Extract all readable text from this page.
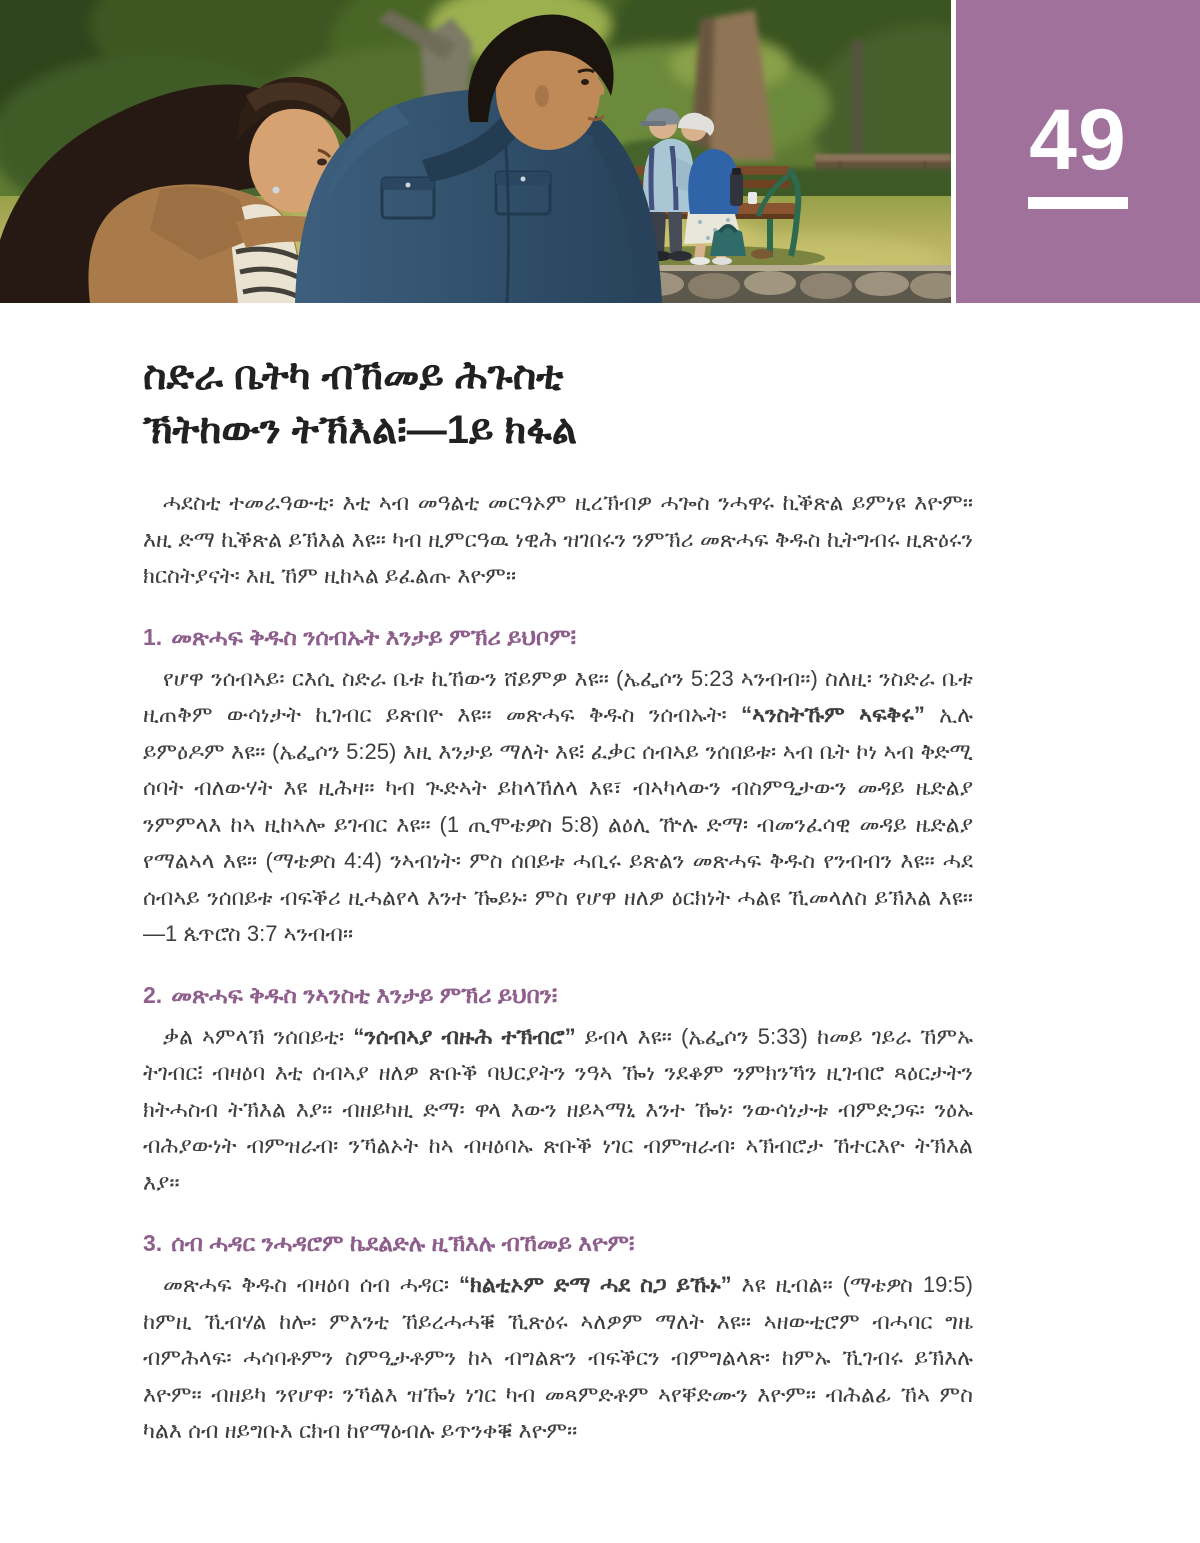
49
ስድራ ቤትካ ብኸመይ ሕጉስቲ
ኽትከውን ትኽእል፧—1ይ ክፋል

ሓደስቲ ተመራዓውቲ፡ እቲ ኣብ መዓልቲ መርዓኦም ዚረኽብዎ ሓጐስ ንሓዋሩ ኪቕጽል ይምነዩ እዮም። እዚ ድማ ኪቕጽል ይኽእል እዩ። ካብ ዚምርዓዉ ነዊሕ ዝገበሩን ንምኽሪ መጽሓፍ ቅዱስ ኪትግብሩ ዚጽዕሩን ክርስትያናት፡ እዚ ኸም ዚከኣል ይፈልጡ እዮም።

1. መጽሓፍ ቅዱስ ንሰብኡት እንታይ ምኽሪ ይህቦም፧

የሆዋ ንሰብኣይ፡ ርእሲ ስድራ ቤቱ ኪኸውን ሸይምዎ እዩ። (ኤፌሶን 5:23 ኣንብብ።) ስለዚ፡ ንስድራ ቤቱ ዚጠቅም ውሳነታት ኪገብር ይጽበዮ እዩ። መጽሓፍ ቅዱስ ንሰብኡት፡ “ኣንስትኹም ኣፍቅሩ” ኢሉ ይምዕዶም እዩ። (ኤፌሶን 5:25) እዚ እንታይ ማለት እዩ፧ ፈቃር ሰብኣይ ንሰበይቱ፡ ኣብ ቤት ኮነ ኣብ ቅድሚ ሰባት ብለውሃት እዩ ዚሕዛ። ካብ ጒድኣት ይከላኸለላ እዩ፣ ብኣካላውን ብስምዒታውን መዳይ ዜድልያ ንምምላእ ከኣ ዚከኣሎ ይገብር እዩ። (1 ጢሞቴዎስ 5:8) ልዕሊ ዅሉ ድማ፡ ብመንፈሳዊ መዳይ ዜድልያ የማልኣላ እዩ። (ማቴዎስ 4:4) ንኣብነት፡ ምስ ሰበይቱ ሓቢሩ ይጽልን መጽሓፍ ቅዱስ የንብብን እዩ። ሓደ ሰብኣይ ንሰበይቱ ብፍቕሪ ዚሓልየላ እንተ ዀይኑ፡ ምስ የሆዋ ዘለዎ ዕርክነት ሓልዩ ኺመላለስ ይኽእል እዩ።—1 ጴጥሮስ 3:7 ኣንብብ።

2. መጽሓፍ ቅዱስ ንኣንስቲ እንታይ ምኽሪ ይህበን፧

ቃል ኣምላኽ ንሰበይቲ፡ “ንሰብኣያ ብዙሕ ተኽብሮ” ይብላ እዩ። (ኤፌሶን 5:33) ከመይ ገይራ ኸምኡ ትገብር፧ ብዛዕባ እቲ ሰብኣያ ዘለዎ ጽቡቕ ባህርያትን ንዓኣ ዀነ ንደቆም ንምክንኻን ዚገብሮ ጻዕርታትን ክትሓስብ ትኽእል እያ። ብዘይካዚ ድማ፡ ዋላ እውን ዘይኣማኒ እንተ ዀነ፡ ንውሳነታቱ ብምድጋፍ፡ ንዕኡ ብሕያውነት ብምዝራብ፡ ንኻልኦት ከኣ ብዛዕባኡ ጽቡቕ ነገር ብምዝራብ፡ ኣኽብሮታ ኸተርእዮ ትኽእል እያ።

3. ሰብ ሓዳር ንሓዳሮም ኬደልድሉ ዚኽእሉ ብኸመይ እዮም፧

መጽሓፍ ቅዱስ ብዛዕባ ሰብ ሓዳር፡ “ክልቲኦም ድማ ሓደ ስጋ ይኹኑ” እዩ ዚብል። (ማቴዎስ 19:5) ከምዚ ኺብሃል ከሎ፡ ምእንቲ ኸይረሓሓቑ ኺጽዕሩ ኣለዎም ማለት እዩ። ኣዘውቲሮም ብሓባር ግዜ ብምሕላፍ፡ ሓሳባቶምን ስምዒታቶምን ከኣ ብግልጽን ብፍቕርን ብምግልላጽ፡ ከምኡ ኺገብሩ ይኽእሉ እዮም። ብዘይካ ንየሆዋ፡ ንኻልእ ዝዀነ ነገር ካብ መጻምድቶም ኣየቐድሙን እዮም። ብሕልፊ ኸኣ ምስ ካልእ ሰብ ዘይግቡእ ርክብ ከየማዕብሉ ይጥንቀቑ እዮም።
